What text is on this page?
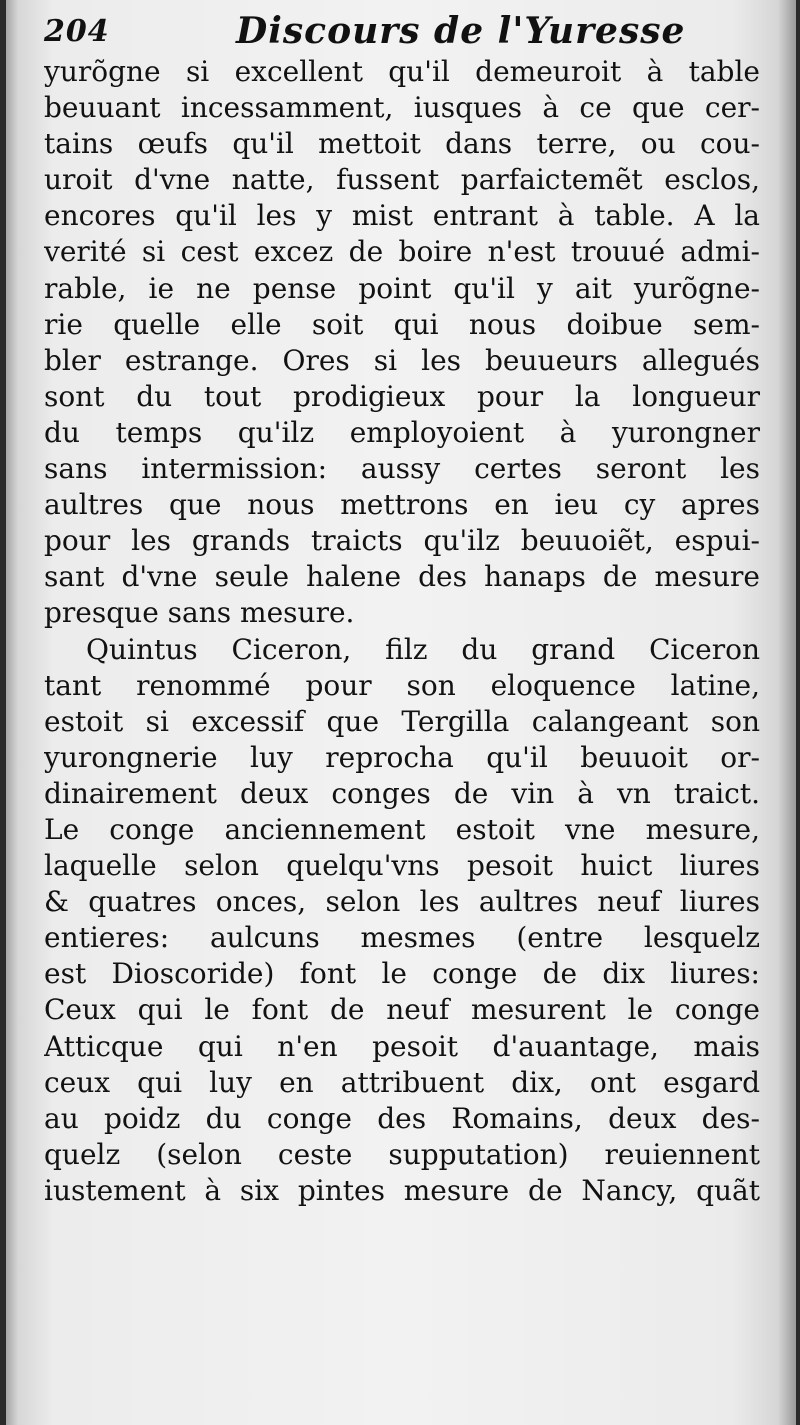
204	Discours de l'Yuresse
yurõgne si excellent qu'il demeuroit à table
beuuant incessamment, iusques à ce que cer-
tains œufs qu'il mettoit dans terre, ou cou-
uroit d'vne natte, fussent parfaictemẽt esclos,
encores qu'il les y mist entrant à table. A la
verité si cest excez de boire n'est trouué admi-
rable, ie ne pense point qu'il y ait yurõgne-
rie quelle elle soit qui nous doibue sem-
bler estrange. Ores si les beuueurs allegués
sont du tout prodigieux pour la longueur
du temps qu'ilz employoient à yurongner
sans intermission: aussy certes seront les
aultres que nous mettrons en ieu cy apres
pour les grands traicts qu'ilz beuuoiẽt, espui-
sant d'vne seule halene des hanaps de mesure
presque sans mesure.
Quintus Ciceron, filz du grand Ciceron
tant renommé pour son eloquence latine,
estoit si excessif que Tergilla calangeant son
yurongnerie luy reprocha qu'il beuuoit or-
dinairement deux conges de vin à vn traict.
Le conge anciennement estoit vne mesure,
laquelle selon quelqu'vns pesoit huict liures
& quatres onces, selon les aultres neuf liures
entieres: aulcuns mesmes (entre lesquelz
est Dioscoride) font le conge de dix liures:
Ceux qui le font de neuf mesurent le conge
Atticque qui n'en pesoit d'auantage, mais
ceux qui luy en attribuent dix, ont esgard
au poidz du conge des Romains, deux des-
quelz (selon ceste supputation) reuiennent
iustement à six pintes mesure de Nancy, quãt
